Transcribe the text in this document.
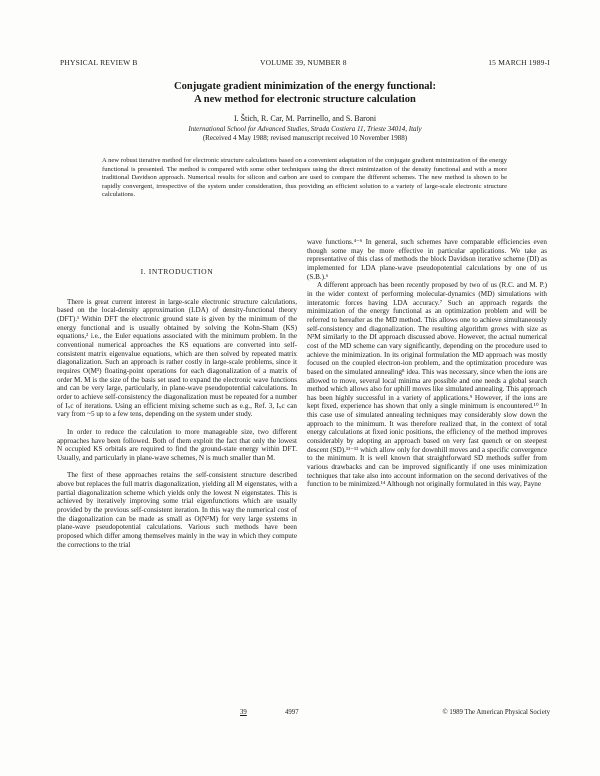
PHYSICAL REVIEW B	VOLUME 39, NUMBER 8	15 MARCH 1989-I
Conjugate gradient minimization of the energy functional:
A new method for electronic structure calculation
I. Štich, R. Car, M. Parrinello, and S. Baroni
International School for Advanced Studies, Strada Costiera 11, Trieste 34014, Italy
(Received 4 May 1988; revised manuscript received 10 November 1988)
A new robust iterative method for electronic structure calculations based on a convenient adaptation of the conjugate gradient minimization of the energy functional is presented. The method is compared with some other techniques using the direct minimization of the density functional and with a more traditional Davidson approach. Numerical results for silicon and carbon are used to compare the different schemes. The new method is shown to be rapidly convergent, irrespective of the system under consideration, thus providing an efficient solution to a variety of large-scale electronic structure calculations.
I. INTRODUCTION

There is great current interest in large-scale electronic structure calculations, based on the local-density approximation (LDA) of density-functional theory (DFT).¹ Within DFT the electronic ground state is given by the minimum of the energy functional and is usually obtained by solving the Kohn-Sham (KS) equations,² i.e., the Euler equations associated with the minimum problem. In the conventional numerical approaches the KS equations are converted into self-consistent matrix eigenvalue equations, which are then solved by repeated matrix diagonalization. Such an approach is rather costly in large-scale problems, since it requires O(M³) floating-point operations for each diagonalization of a matrix of order M. M is the size of the basis set used to expand the electronic wave functions and can be very large, particularly, in plane-wave pseudopotential calculations. In order to achieve self-consistency the diagonalization must be repeated for a number of Iₛc of iterations. Using an efficient mixing scheme such as e.g., Ref. 3, Iₛc can vary from ~5 up to a few tens, depending on the system under study.

In order to reduce the calculation to more manageable size, two different approaches have been followed. Both of them exploit the fact that only the lowest N occupied KS orbitals are required to find the ground-state energy within DFT. Usually, and particularly in plane-wave schemes, N is much smaller than M.

The first of these approaches retains the self-consistent structure described above but replaces the full matrix diagonalization, yielding all M eigenstates, with a partial diagonalization scheme which yields only the lowest N eigenstates. This is achieved by iteratively improving some trial eigenfunctions which are usually provided by the previous self-consistent iteration. In this way the numerical cost of the diagonalization can be made as small as O(N²M) for very large systems in plane-wave pseudopotential calculations. Various such methods have been proposed which differ among themselves mainly in the way in which they compute the corrections to the trial

wave functions.⁴⁻⁶ In general, such schemes have comparable efficiencies even though some may be more effective in particular applications. We take as representative of this class of methods the block Davidson iterative scheme (DI) as implemented for LDA plane-wave pseudopotential calculations by one of us (S.B.).⁶

A different approach has been recently proposed by two of us (R.C. and M. P.) in the wider context of performing molecular-dynamics (MD) simulations with interatomic forces having LDA accuracy.⁷ Such an approach regards the minimization of the energy functional as an optimization problem and will be referred to hereafter as the MD method. This allows one to achieve simultaneously self-consistency and diagonalization. The resulting algorithm grows with size as N²M similarly to the DI approach discussed above. However, the actual numerical cost of the MD scheme can vary significantly, depending on the procedure used to achieve the minimization. In its original formulation the MD approach was mostly focused on the coupled electron-ion problem, and the optimization procedure was based on the simulated annealing⁸ idea. This was necessary, since when the ions are allowed to move, several local minima are possible and one needs a global search method which allows also for uphill moves like simulated annealing. This approach has been highly successful in a variety of applications.⁹ However, if the ions are kept fixed, experience has shown that only a single minimum is encountered.¹⁰ In this case use of simulated annealing techniques may considerably slow down the approach to the minimum. It was therefore realized that, in the context of total energy calculations at fixed ionic positions, the efficiency of the method improves considerably by adopting an approach based on very fast quench or on steepest descent (SD).¹¹⁻¹³ which allow only for downhill moves and a specific convergence to the minimum. It is well known that straightforward SD methods suffer from various drawbacks and can be improved significantly if one uses minimization techniques that take also into account information on the second derivatives of the function to be minimized.¹⁴ Although not originally formulated in this way, Payne

39	4997	© 1989 The American Physical Society
